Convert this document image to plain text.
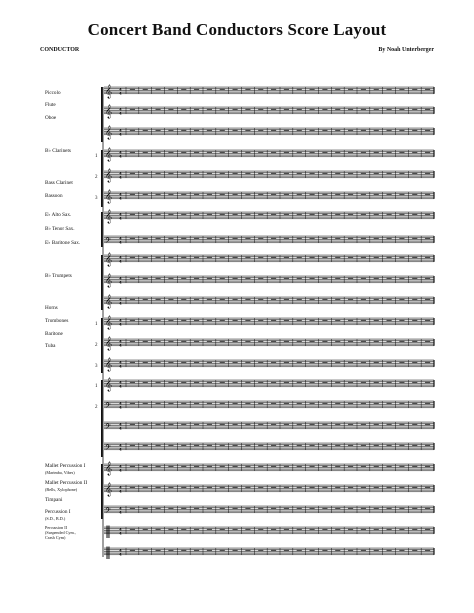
Concert Band Conductors Score Layout
CONDUCTOR	By Noah Unterberger
𝄞 4
4
𝄞 4
4
𝄞 4
4
𝄞 4
4
𝄞 4
4
𝄞 4
4
𝄞 4
4
𝄢 4
4
𝄞 4
4
𝄞 4
4
𝄞 4
4
𝄞 4
4
𝄞 4
4
𝄞 4
4
𝄞 4
4
𝄢 4
4
𝄢 4
4
𝄢 4
4
𝄞 4
4
𝄞 4
4
𝄢 4
4
‖ 4
4
‖ 4
4
Piccolo
Flute
Oboe
B♭ Clarinets
Bass Clarinet
Bassoon
E♭ Alto Sax.
B♭ Tenor Sax.
E♭ Baritone Sax.
B♭ Trumpets
Horns
Trombones
Baritone
Tuba
Mallet Percussion I
(Marimba, Vibes)
Mallet Percussion II
(Bells, Xylophone)
Timpani
Percussion I
(S.D., B.D.)
Percussion II
(Suspended Cym.,
Crash Cym)
1
2
3
1
2
3
1
2
